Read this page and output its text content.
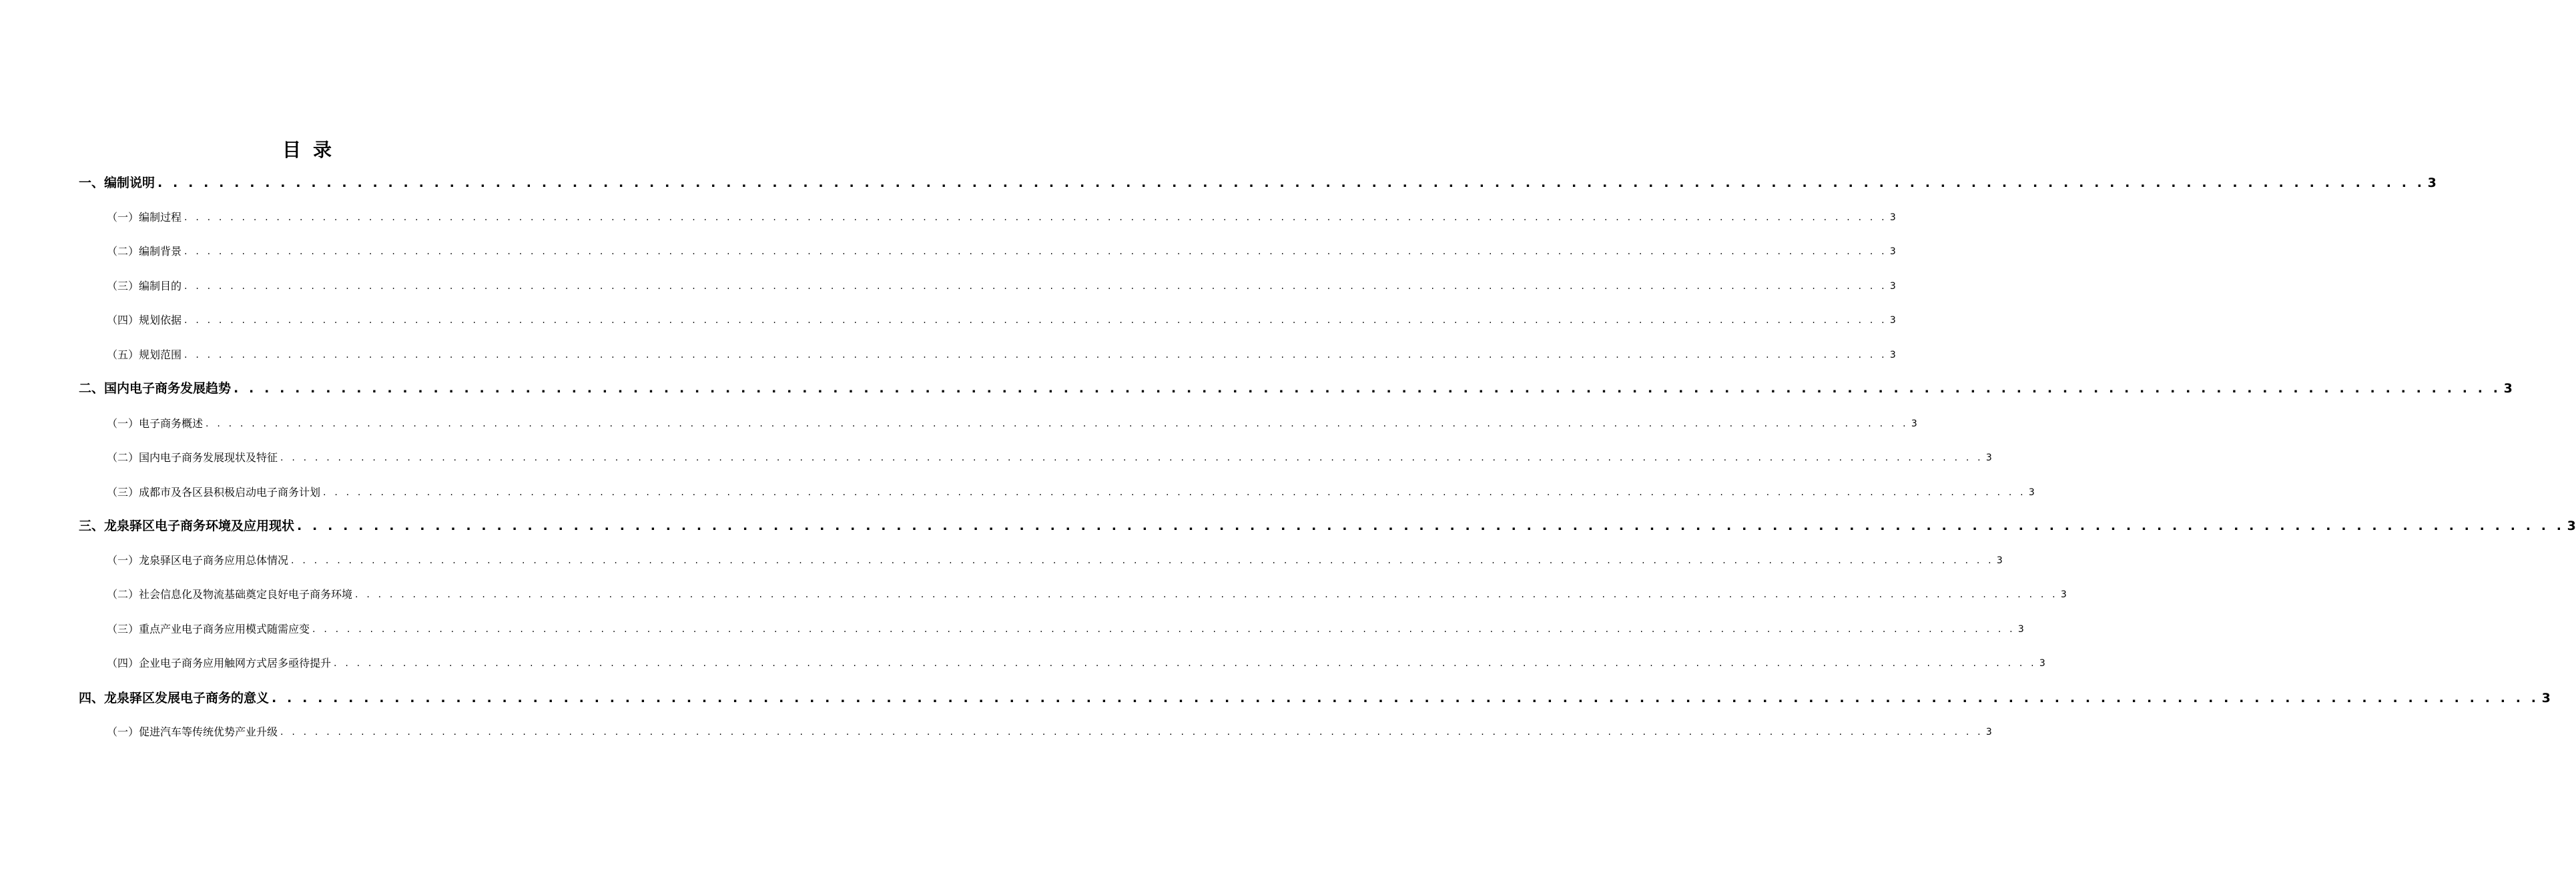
目录
一、编制说明 . . . . . . . . . . . . . . . . . . . . . . . . . . . . . . . . . . . . . . . . . . . . . . . . . . . . . . . . . . . . . . . . . . . . . . . . . . . . . . . . . . . . . . . . . . . . . . . . . . . . . . . . . . . . . . . . . . . . . . . . . . . . . . . . . . . . . . . . . . . . . . . . . . . . 3
（一）编制过程 . . . . . . . . . . . . . . . . . . . . . . . . . . . . . . . . . . . . . . . . . . . . . . . . . . . . . . . . . . . . . . . . . . . . . . . . . . . . . . . . . . . . . . . . . . . . . . . . . . . . . . . . . . . . . . . . . . . . . . . . . . . . . . . . . . . . . . . . . . . . . . . . . . . . 3
（二）编制背景 . . . . . . . . . . . . . . . . . . . . . . . . . . . . . . . . . . . . . . . . . . . . . . . . . . . . . . . . . . . . . . . . . . . . . . . . . . . . . . . . . . . . . . . . . . . . . . . . . . . . . . . . . . . . . . . . . . . . . . . . . . . . . . . . . . . . . . . . . . . . . . . . . . . . 3
（三）编制目的 . . . . . . . . . . . . . . . . . . . . . . . . . . . . . . . . . . . . . . . . . . . . . . . . . . . . . . . . . . . . . . . . . . . . . . . . . . . . . . . . . . . . . . . . . . . . . . . . . . . . . . . . . . . . . . . . . . . . . . . . . . . . . . . . . . . . . . . . . . . . . . . . . . . . 3
（四）规划依据 . . . . . . . . . . . . . . . . . . . . . . . . . . . . . . . . . . . . . . . . . . . . . . . . . . . . . . . . . . . . . . . . . . . . . . . . . . . . . . . . . . . . . . . . . . . . . . . . . . . . . . . . . . . . . . . . . . . . . . . . . . . . . . . . . . . . . . . . . . . . . . . . . . . . 3
（五）规划范围 . . . . . . . . . . . . . . . . . . . . . . . . . . . . . . . . . . . . . . . . . . . . . . . . . . . . . . . . . . . . . . . . . . . . . . . . . . . . . . . . . . . . . . . . . . . . . . . . . . . . . . . . . . . . . . . . . . . . . . . . . . . . . . . . . . . . . . . . . . . . . . . . . . . . 3
二、国内电子商务发展趋势 . . . . . . . . . . . . . . . . . . . . . . . . . . . . . . . . . . . . . . . . . . . . . . . . . . . . . . . . . . . . . . . . . . . . . . . . . . . . . . . . . . . . . . . . . . . . . . . . . . . . . . . . . . . . . . . . . . . . . . . . . . . . . . . . . . . . . . . . . . . . . . . . . . . . 3
（一）电子商务概述 . . . . . . . . . . . . . . . . . . . . . . . . . . . . . . . . . . . . . . . . . . . . . . . . . . . . . . . . . . . . . . . . . . . . . . . . . . . . . . . . . . . . . . . . . . . . . . . . . . . . . . . . . . . . . . . . . . . . . . . . . . . . . . . . . . . . . . . . . . . . . . . . . . . . 3
（二）国内电子商务发展现状及特征 . . . . . . . . . . . . . . . . . . . . . . . . . . . . . . . . . . . . . . . . . . . . . . . . . . . . . . . . . . . . . . . . . . . . . . . . . . . . . . . . . . . . . . . . . . . . . . . . . . . . . . . . . . . . . . . . . . . . . . . . . . . . . . . . . . . . . . . . . . . . . . . . . . . . 3
（三）成都市及各区县积极启动电子商务计划 . . . . . . . . . . . . . . . . . . . . . . . . . . . . . . . . . . . . . . . . . . . . . . . . . . . . . . . . . . . . . . . . . . . . . . . . . . . . . . . . . . . . . . . . . . . . . . . . . . . . . . . . . . . . . . . . . . . . . . . . . . . . . . . . . . . . . . . . . . . . . . . . . . . . 3
三、龙泉驿区电子商务环境及应用现状 . . . . . . . . . . . . . . . . . . . . . . . . . . . . . . . . . . . . . . . . . . . . . . . . . . . . . . . . . . . . . . . . . . . . . . . . . . . . . . . . . . . . . . . . . . . . . . . . . . . . . . . . . . . . . . . . . . . . . . . . . . . . . . . . . . . . . . . . . . . . . . . . . . . . 3
（一）龙泉驿区电子商务应用总体情况 . . . . . . . . . . . . . . . . . . . . . . . . . . . . . . . . . . . . . . . . . . . . . . . . . . . . . . . . . . . . . . . . . . . . . . . . . . . . . . . . . . . . . . . . . . . . . . . . . . . . . . . . . . . . . . . . . . . . . . . . . . . . . . . . . . . . . . . . . . . . . . . . . . . . 3
（二）社会信息化及物流基础奠定良好电子商务环境 . . . . . . . . . . . . . . . . . . . . . . . . . . . . . . . . . . . . . . . . . . . . . . . . . . . . . . . . . . . . . . . . . . . . . . . . . . . . . . . . . . . . . . . . . . . . . . . . . . . . . . . . . . . . . . . . . . . . . . . . . . . . . . . . . . . . . . . . . . . . . . . . . . . . 3
（三）重点产业电子商务应用模式随需应变 . . . . . . . . . . . . . . . . . . . . . . . . . . . . . . . . . . . . . . . . . . . . . . . . . . . . . . . . . . . . . . . . . . . . . . . . . . . . . . . . . . . . . . . . . . . . . . . . . . . . . . . . . . . . . . . . . . . . . . . . . . . . . . . . . . . . . . . . . . . . . . . . . . . . 3
（四）企业电子商务应用触网方式居多亟待提升 . . . . . . . . . . . . . . . . . . . . . . . . . . . . . . . . . . . . . . . . . . . . . . . . . . . . . . . . . . . . . . . . . . . . . . . . . . . . . . . . . . . . . . . . . . . . . . . . . . . . . . . . . . . . . . . . . . . . . . . . . . . . . . . . . . . . . . . . . . . . . . . . . . . . 3
四、龙泉驿区发展电子商务的意义 . . . . . . . . . . . . . . . . . . . . . . . . . . . . . . . . . . . . . . . . . . . . . . . . . . . . . . . . . . . . . . . . . . . . . . . . . . . . . . . . . . . . . . . . . . . . . . . . . . . . . . . . . . . . . . . . . . . . . . . . . . . . . . . . . . . . . . . . . . . . . . . . . . . . 3
（一）促进汽车等传统优势产业升级 . . . . . . . . . . . . . . . . . . . . . . . . . . . . . . . . . . . . . . . . . . . . . . . . . . . . . . . . . . . . . . . . . . . . . . . . . . . . . . . . . . . . . . . . . . . . . . . . . . . . . . . . . . . . . . . . . . . . . . . . . . . . . . . . . . . . . . . . . . . . . . . . . . . . 3
